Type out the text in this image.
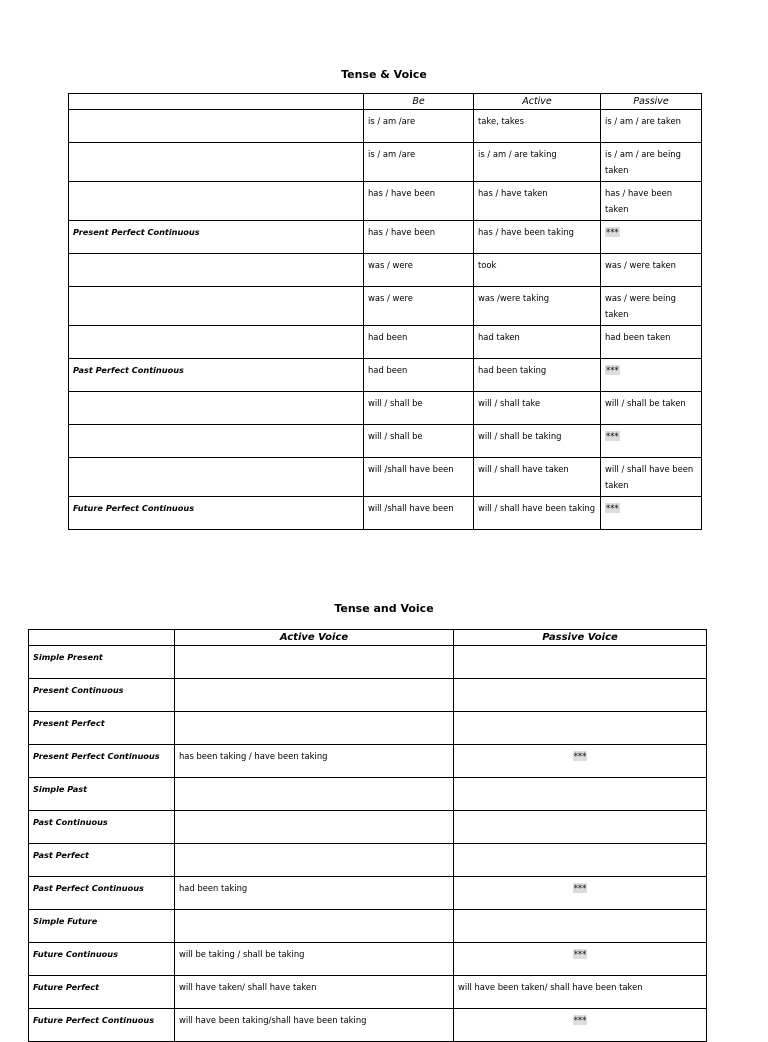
Tense & Voice
	Be	Active	Passive
	is / am /are	take, takes	is / am / are taken
	is / am /are	is / am / are taking	is / am / are being taken
	has / have been	has / have taken	has / have been taken
Present Perfect Continuous	has / have been	has / have been taking	***
	was / were	took	was / were taken
	was / were	was /were taking	was / were being taken
	had been	had taken	had been taken
Past Perfect Continuous	had been	had been taking	***
	will / shall be	will / shall take	will / shall be taken
	will / shall be	will / shall be taking	***
	will /shall have been	will / shall have taken	will / shall have been taken
Future Perfect Continuous	will /shall have been	will / shall have been taking	***
Tense and Voice
	Active Voice	Passive Voice
Simple Present		
Present Continuous		
Present Perfect		
Present Perfect Continuous	has been taking / have been taking	***
Simple Past		
Past Continuous		
Past Perfect		
Past Perfect Continuous	had been taking	***
Simple Future		
Future Continuous	will be taking / shall be taking	***
Future Perfect	will have taken/ shall have taken	will have been taken/ shall have been taken
Future Perfect Continuous	will have been taking/shall have been taking	***
